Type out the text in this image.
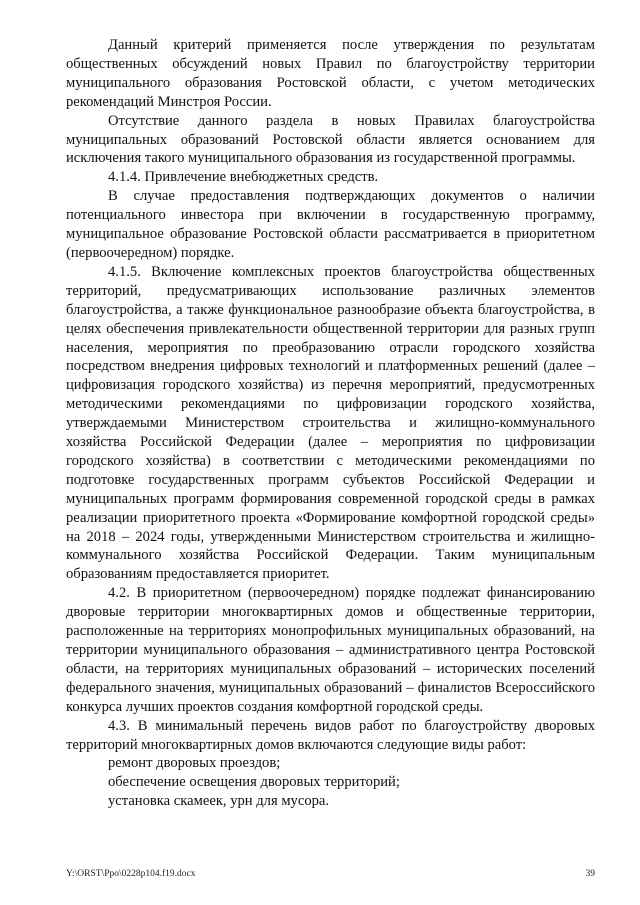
Данный критерий применяется после утверждения по результатам общественных обсуждений новых Правил по благоустройству территории муниципального образования Ростовской области, с учетом методических рекомендаций Минстроя России.

Отсутствие данного раздела в новых Правилах благоустройства муниципальных образований Ростовской области является основанием для исключения такого муниципального образования из государственной программы.

4.1.4. Привлечение внебюджетных средств.

В случае предоставления подтверждающих документов о наличии потенциального инвестора при включении в государственную программу, муниципальное образование Ростовской области рассматривается в приоритетном (первоочередном) порядке.

4.1.5. Включение комплексных проектов благоустройства общественных территорий, предусматривающих использование различных элементов благоустройства, а также функциональное разнообразие объекта благоустройства, в целях обеспечения привлекательности общественной территории для разных групп населения, мероприятия по преобразованию отрасли городского хозяйства посредством внедрения цифровых технологий и платформенных решений (далее – цифровизация городского хозяйства) из перечня мероприятий, предусмотренных методическими рекомендациями по цифровизации городского хозяйства, утверждаемыми Министерством строительства и жилищно-коммунального хозяйства Российской Федерации (далее – мероприятия по цифровизации городского хозяйства) в соответствии с методическими рекомендациями по подготовке государственных программ субъектов Российской Федерации и муниципальных программ формирования современной городской среды в рамках реализации приоритетного проекта «Формирование комфортной городской среды» на 2018 – 2024 годы, утвержденными Министерством строительства и жилищно-коммунального хозяйства Российской Федерации. Таким муниципальным образованиям предоставляется приоритет.

4.2. В приоритетном (первоочередном) порядке подлежат финансированию дворовые территории многоквартирных домов и общественные территории, расположенные на территориях монопрофильных муниципальных образований, на территории муниципального образования – административного центра Ростовской области, на территориях муниципальных образований – исторических поселений федерального значения, муниципальных образований – финалистов Всероссийского конкурса лучших проектов создания комфортной городской среды.

4.3. В минимальный перечень видов работ по благоустройству дворовых территорий многоквартирных домов включаются следующие виды работ:

ремонт дворовых проездов;

обеспечение освещения дворовых территорий;

установка скамеек, урн для мусора.

Y:\ORST\Ppo\0228p104.f19.docx	39
